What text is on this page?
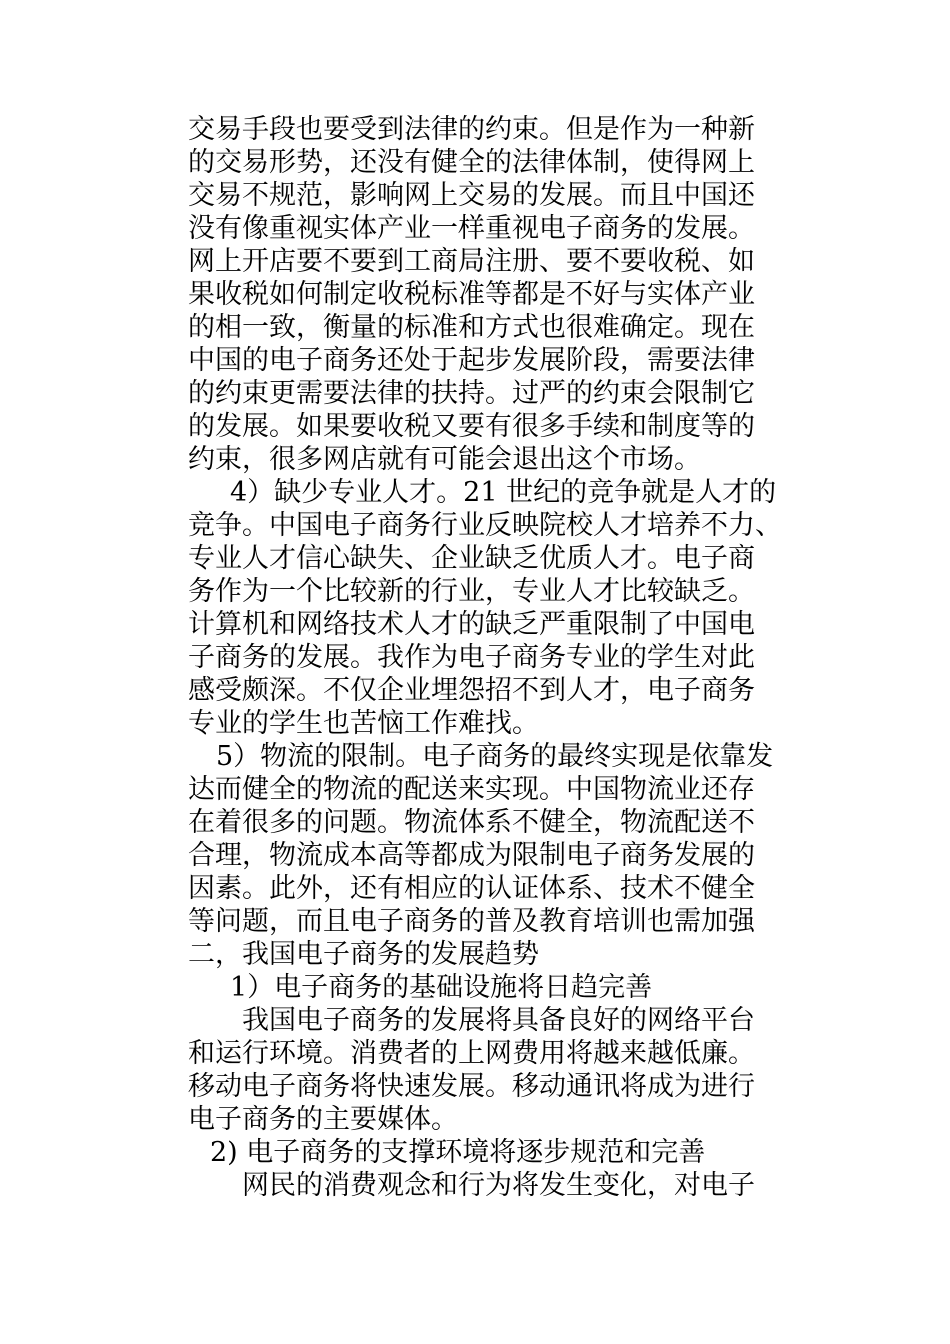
交易手段也要受到法律的约束。但是作为一种新
的交易形势，还没有健全的法律体制，使得网上
交易不规范，影响网上交易的发展。而且中国还
没有像重视实体产业一样重视电子商务的发展。
网上开店要不要到工商局注册、要不要收税、如
果收税如何制定收税标准等都是不好与实体产业
的相一致，衡量的标准和方式也很难确定。现在
中国的电子商务还处于起步发展阶段，需要法律
的约束更需要法律的扶持。过严的约束会限制它
的发展。如果要收税又要有很多手续和制度等的
约束，很多网店就有可能会退出这个市场。
4）缺少专业人才。21 世纪的竞争就是人才的
竞争。中国电子商务行业反映院校人才培养不力、
专业人才信心缺失、企业缺乏优质人才。电子商
务作为一个比较新的行业，专业人才比较缺乏。
计算机和网络技术人才的缺乏严重限制了中国电
子商务的发展。我作为电子商务专业的学生对此
感受颇深。不仅企业埋怨招不到人才，电子商务
专业的学生也苦恼工作难找。
5）物流的限制。电子商务的最终实现是依靠发
达而健全的物流的配送来实现。中国物流业还存
在着很多的问题。物流体系不健全，物流配送不
合理，物流成本高等都成为限制电子商务发展的
因素。此外，还有相应的认证体系、技术不健全
等问题，而且电子商务的普及教育培训也需加强
二，我国电子商务的发展趋势
1）电子商务的基础设施将日趋完善
我国电子商务的发展将具备良好的网络平台
和运行环境。消费者的上网费用将越来越低廉。
移动电子商务将快速发展。移动通讯将成为进行
电子商务的主要媒体。
2) 电子商务的支撑环境将逐步规范和完善
网民的消费观念和行为将发生变化，对电子
